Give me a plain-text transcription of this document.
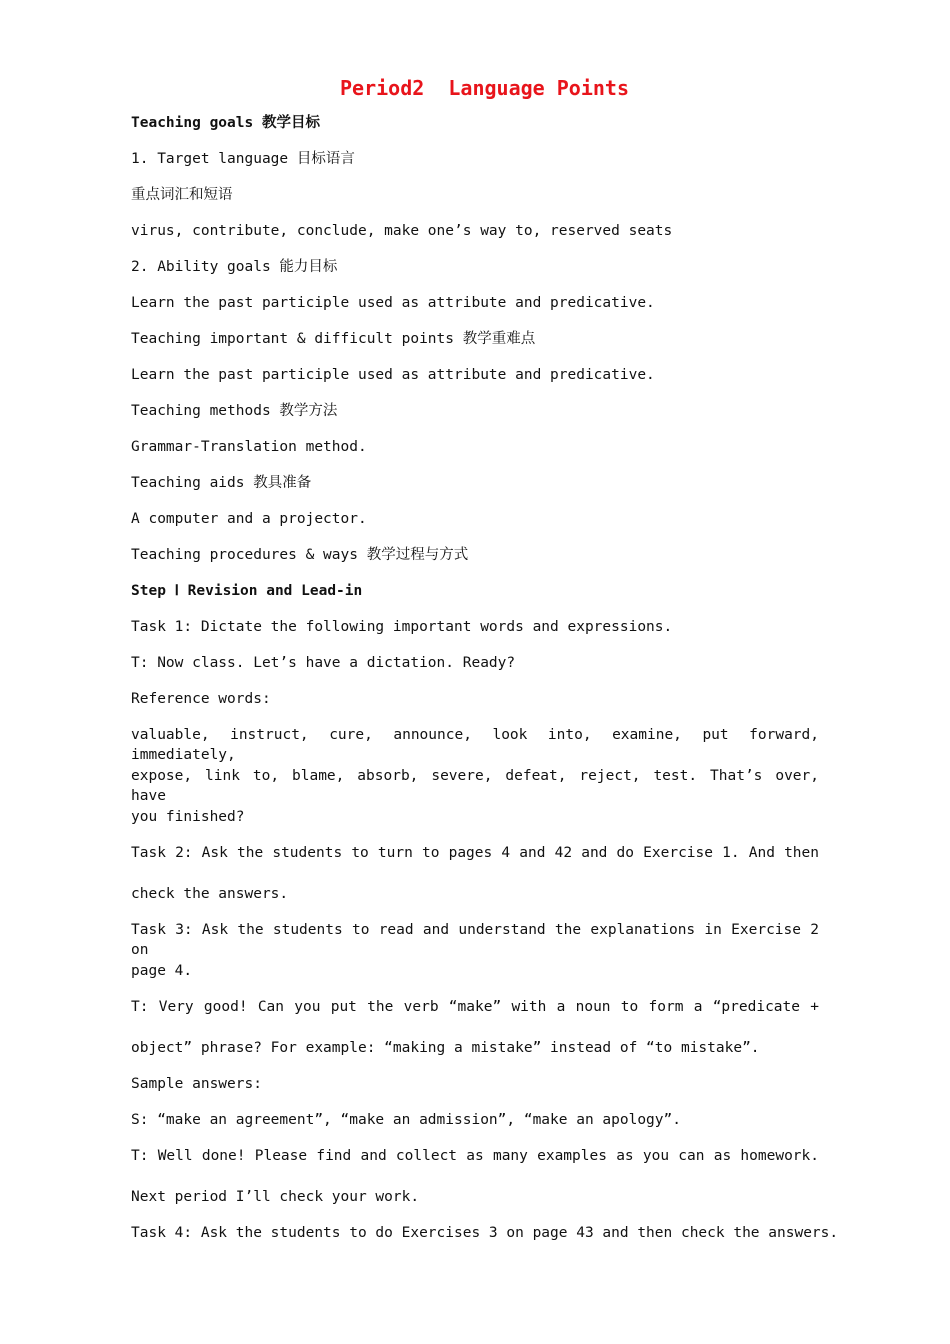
Period2  Language Points
Teaching goals 教学目标
1. Target language 目标语言
重点词汇和短语
virus, contribute, conclude, make one’s way to, reserved seats
2. Ability goals 能力目标
Learn the past participle used as attribute and predicative.
Teaching important & difficult points 教学重难点
Learn the past participle used as attribute and predicative.
Teaching methods 教学方法
Grammar-Translation method.
Teaching aids 教具准备
A computer and a projector.
Teaching procedures & ways 教学过程与方式
Step Ⅰ Revision and Lead-in
Task 1: Dictate the following important words and expressions.
T: Now class. Let’s have a dictation. Ready?
Reference words:
valuable, instruct, cure, announce, look into, examine, put forward, immediately,
expose, link to, blame, absorb, severe, defeat, reject, test. That’s over, have
you finished?
Task 2: Ask the students to turn to pages 4 and 42 and do Exercise 1. And then
check the answers.
Task 3: Ask the students to read and understand the explanations in Exercise 2 on
page 4.
T: Very good! Can you put the verb “make” with a noun to form a “predicate +
object” phrase? For example: “making a mistake” instead of “to mistake”.
Sample answers:
S: “make an agreement”, “make an admission”, “make an apology”.
T: Well done! Please find and collect as many examples as you can as homework.
Next period I’ll check your work.
Task 4: Ask the students to do Exercises 3 on page 43 and then check the answers.
